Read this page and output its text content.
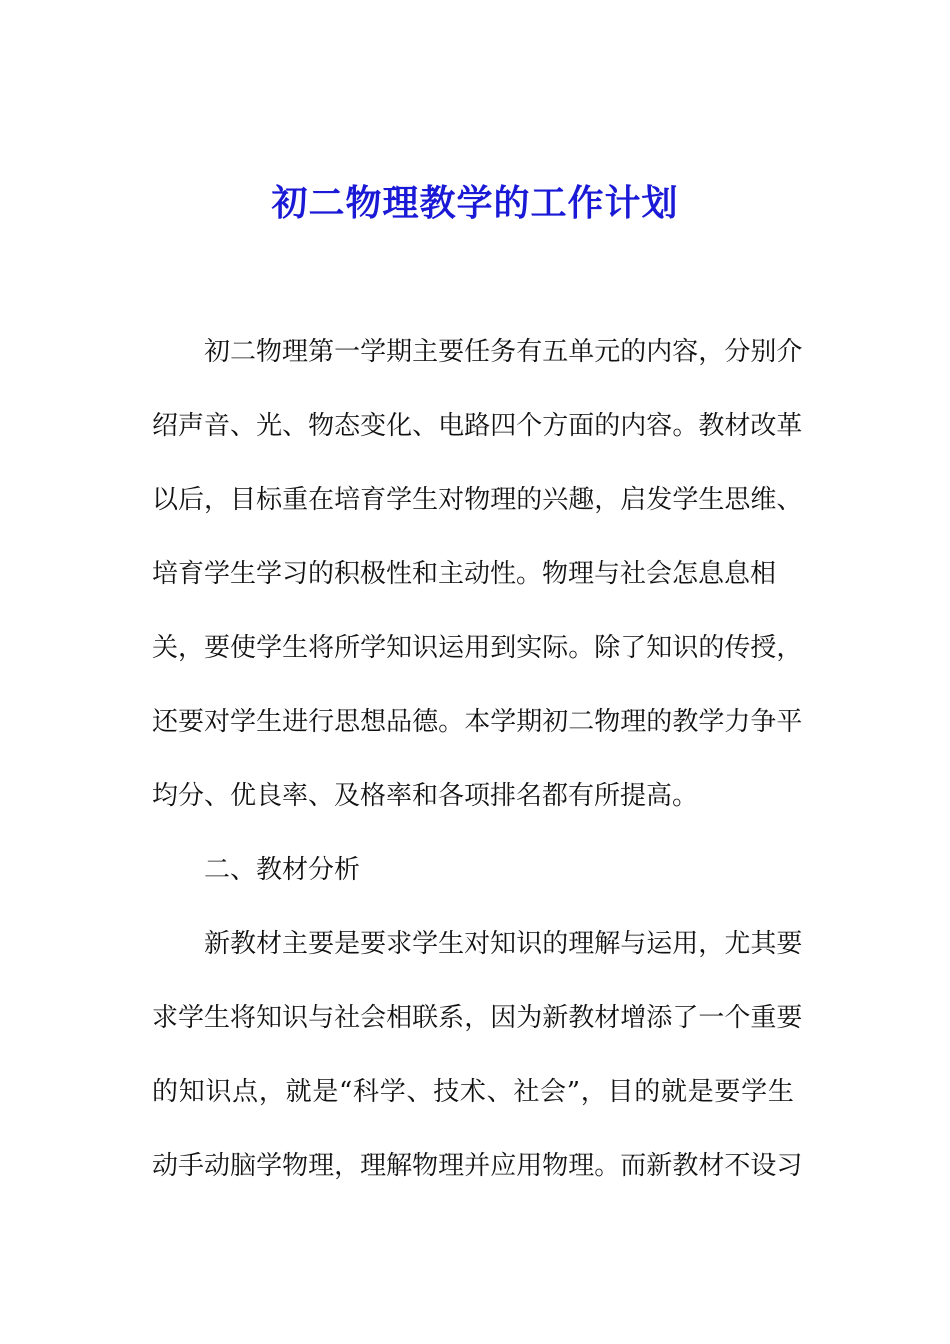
初二物理教学的工作计划
初 二 物 理 第 一 学 期 主 要 任 务 有 五 单 元 的 内 容 ， 分 别 介
绍 声 音 、 光 、 物 态 变 化 、 电 路 四 个 方 面 的 内 容 。 教 材 改 革
以 后 ， 目 标 重 在 培 育 学 生 对 物 理 的 兴 趣 ， 启 发 学 生 思 维 、
培育学生学习的积极性和主动性。物理与社会怎息息相
关 ， 要 使 学 生 将 所 学 知 识 运 用 到 实 际 。 除 了 知 识 的 传 授 ，
还 要 对 学 生 进 行 思 想 品 德 。 本 学 期 初 二 物 理 的 教 学 力 争 平
均分、优良率、及格率和各项排名都有所提高。
二、教材分析
新 教 材 主 要 是 要 求 学 生 对 知 识 的 理 解 与 运 用 ， 尤 其 要
求 学 生 将 知 识 与 社 会 相 联 系 ， 因 为 新 教 材 增 添 了 一 个 重 要
的 知 识 点 ， 就 是 “ 科 学 、 技 术 、 社 会 ” ， 目 的 就 是 要 学 生
动 手 动 脑 学 物 理 ， 理 解 物 理 并 应 用 物 理 。 而 新 教 材 不 设 习
